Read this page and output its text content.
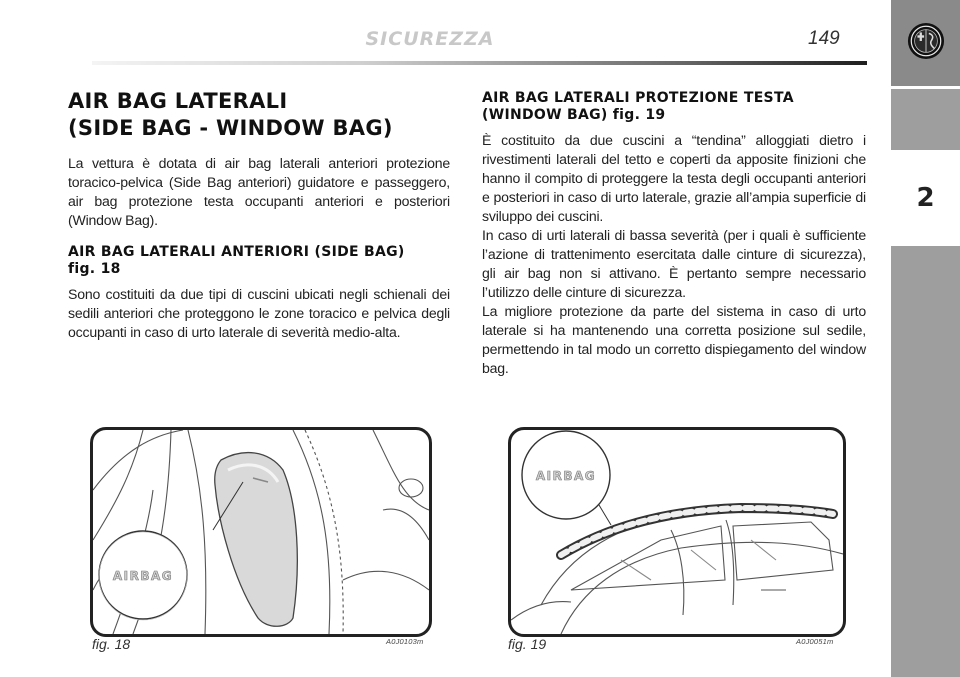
SICUREZZA	149
2
AIR BAG LATERALI
(SIDE BAG - WINDOW BAG)

La vettura è dotata di air bag laterali anteriori protezione toracico-pelvica (Side Bag anteriori) guidatore e passeggero, air bag protezione testa occupanti anteriori e posteriori (Window Bag).

AIR BAG LATERALI ANTERIORI (SIDE BAG)
fig. 18

Sono costituiti da due tipi di cuscini ubicati negli schienali dei sedili anteriori che proteggono le zone toracico e pelvica degli occupanti in caso di urto laterale di severità medio-alta.

AIR BAG LATERALI PROTEZIONE TESTA
(WINDOW BAG) fig. 19

È costituito da due cuscini a “tendina” alloggiati dietro i rivestimenti laterali del tetto e coperti da apposite finizioni che hanno il compito di proteggere la testa degli occupanti anteriori e posteriori in caso di urto laterale, grazie all’ampia superficie di sviluppo dei cuscini.

In caso di urti laterali di bassa severità (per i quali è sufficiente l’azione di trattenimento esercitata dalle cinture di sicurezza), gli air bag non si attivano. È pertanto sempre necessario l’utilizzo delle cinture di sicurezza.

La migliore protezione da parte del sistema in caso di urto laterale si ha mantenendo una corretta posizione sul sedile, permettendo in tal modo un corretto dispiegamento del window bag.

AIRBAG
fig. 18	A0J0103m
AIRBAG
fig. 19	A0J0051m
